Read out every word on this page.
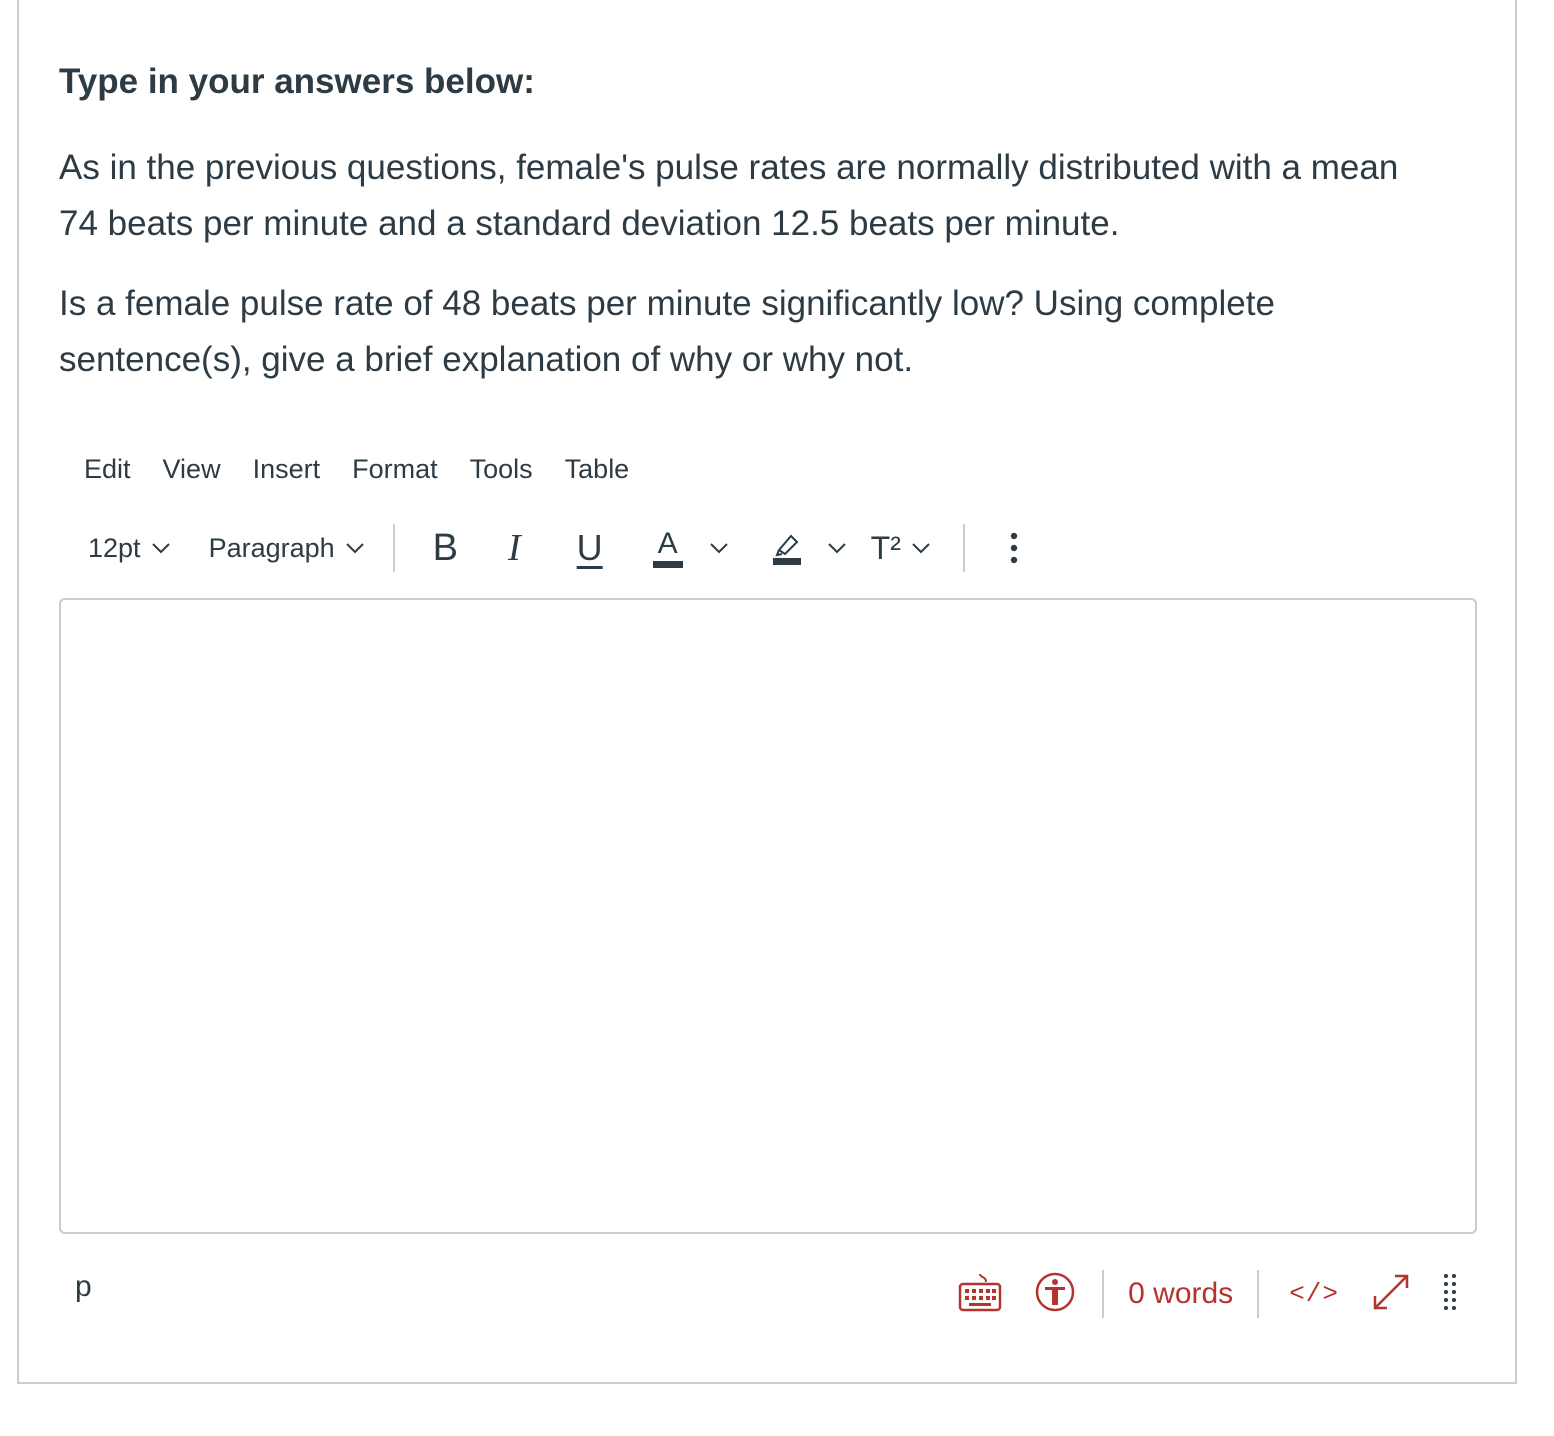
Type in your answers below:

As in the previous questions, female's pulse rates are normally distributed with a mean
74 beats per minute and a standard deviation 12.5 beats per minute.

Is a female pulse rate of 48 beats per minute significantly low? Using complete
sentence(s), give a brief explanation of why or why not.

Edit	View	Insert	Format	Tools	Table
12pt	Paragraph	B I U A	T²
p	0 words </>
